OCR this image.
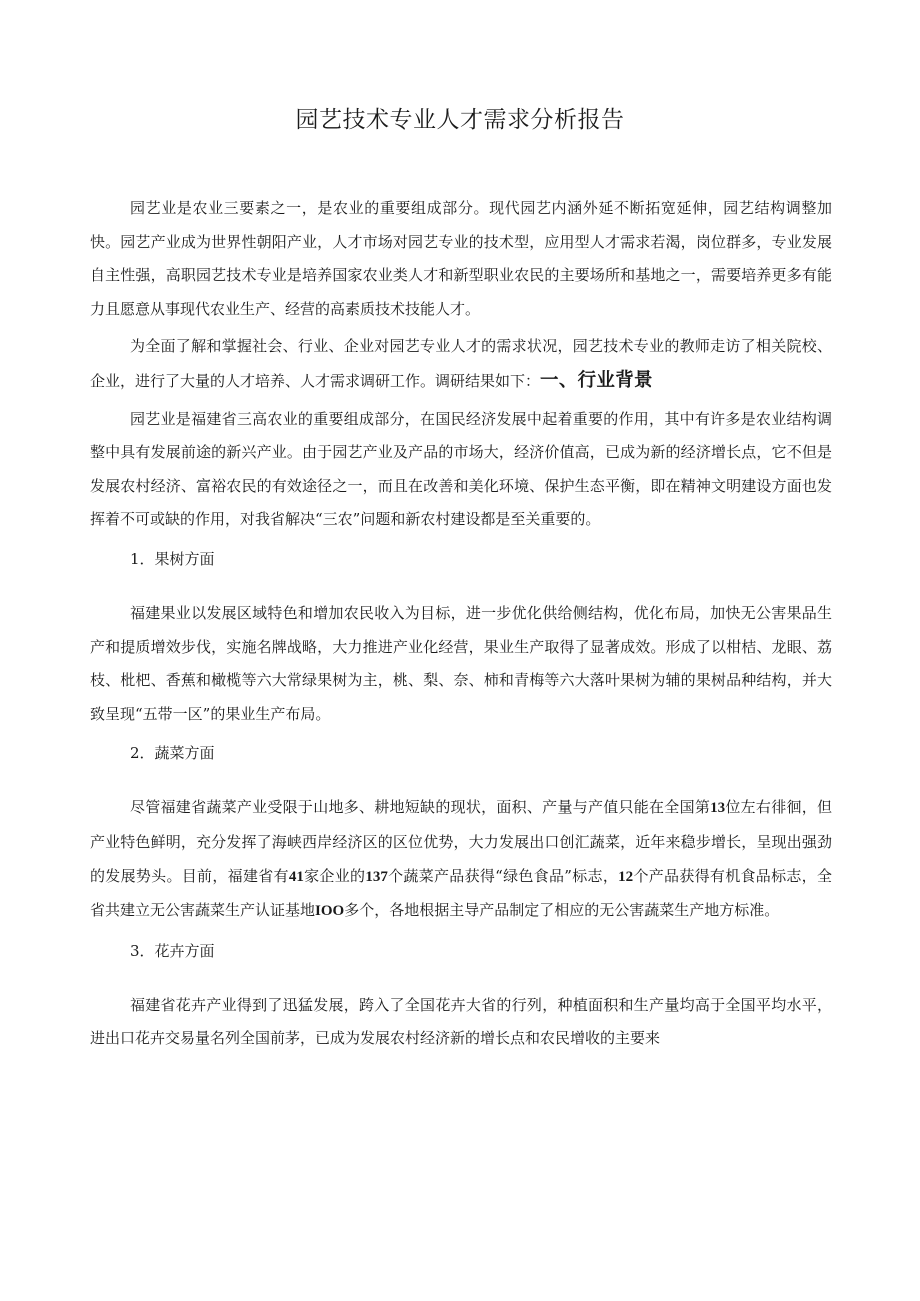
园艺技术专业人才需求分析报告

园艺业是农业三要素之一，是农业的重要组成部分。现代园艺内涵外延不断拓宽延伸，园艺结构调整加快。园艺产业成为世界性朝阳产业，人才市场对园艺专业的技术型，应用型人才需求若渴，岗位群多，专业发展自主性强，高职园艺技术专业是培养国家农业类人才和新型职业农民的主要场所和基地之一，需要培养更多有能力且愿意从事现代农业生产、经营的高素质技术技能人才。

为全面了解和掌握社会、行业、企业对园艺专业人才的需求状况，园艺技术专业的教师走访了相关院校、企业，进行了大量的人才培养、人才需求调研工作。调研结果如下：一、行业背景

园艺业是福建省三高农业的重要组成部分，在国民经济发展中起着重要的作用，其中有许多是农业结构调整中具有发展前途的新兴产业。由于园艺产业及产品的市场大，经济价值高，已成为新的经济增长点，它不但是发展农村经济、富裕农民的有效途径之一，而且在改善和美化环境、保护生态平衡，即在精神文明建设方面也发挥着不可或缺的作用，对我省解决“三农”问题和新农村建设都是至关重要的。

1．果树方面

福建果业以发展区域特色和增加农民收入为目标，进一步优化供给侧结构，优化布局，加快无公害果品生产和提质增效步伐，实施名牌战略，大力推进产业化经营，果业生产取得了显著成效。形成了以柑桔、龙眼、荔枝、枇杷、香蕉和橄榄等六大常绿果树为主，桃、梨、奈、柿和青梅等六大落叶果树为辅的果树品种结构，并大致呈现“五带一区”的果业生产布局。

2．蔬菜方面

尽管福建省蔬菜产业受限于山地多、耕地短缺的现状，面积、产量与产值只能在全国第13位左右徘徊，但产业特色鲜明，充分发挥了海峡西岸经济区的区位优势，大力发展出口创汇蔬菜，近年来稳步增长，呈现出强劲的发展势头。目前，福建省有41家企业的137个蔬菜产品获得“绿色食品”标志，12个产品获得有机食品标志，全省共建立无公害蔬菜生产认证基地IOO多个，各地根据主导产品制定了相应的无公害蔬菜生产地方标准。

3．花卉方面

福建省花卉产业得到了迅猛发展，跨入了全国花卉大省的行列，种植面积和生产量均高于全国平均水平，进出口花卉交易量名列全国前茅，已成为发展农村经济新的增长点和农民增收的主要来
